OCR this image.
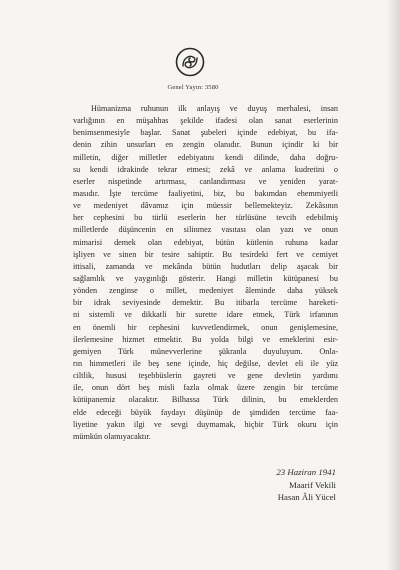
Genel Yayın: 3580
Hümanizma ruhunun ilk anlayış ve duyuş merhalesi, insan
varlığının en müşahhas şekilde ifadesi olan sanat eserlerinin
benimsenmesiyle başlar. Sanat şubeleri içinde edebiyat, bu ifa-
denin zihin unsurları en zengin olanıdır. Bunun içindir ki bir
milletin, diğer milletler edebiyatını kendi dilinde, daha doğru-
su kendi idrakinde tekrar etmesi; zekâ ve anlama kudretini o
eserler nispetinde artırması, canlandırması ve yeniden yarat-
masıdır. İşte tercüme faaliyetini, biz, bu bakımdan ehemmiyetli
ve medeniyet dâvamız için müessir bellemekteyiz. Zekâsının
her cephesini bu türlü eserlerin her türlüsüne tevcih edebilmiş
milletlerde düşüncenin en silinmez vasıtası olan yazı ve onun
mimarisi demek olan edebiyat, bütün kütlenin ruhuna kadar
işliyen ve sinen bir tesire sahiptir. Bu tesirdeki fert ve cemiyet
ittisali, zamanda ve mekânda bütün hudutları delip aşacak bir
sağlamlık ve yaygınlığı gösterir. Hangi milletin kütüpanesi bu
yönden zenginse o millet, medeniyet âleminde daha yüksek
bir idrak seviyesinde demektir. Bu itibarla tercüme hareketi-
ni sistemli ve dikkatli bir surette idare etmek, Türk irfanının
en önemli bir cephesini kuvvetlendirmek, onun genişlemesine,
ilerlemesine hizmet etmektir. Bu yolda bilgi ve emeklerini esir-
gemiyen Türk münevverlerine şükranla duyuluyum. Onla-
rın himmetleri ile beş sene içinde, hiç değilse, devlet eli ile yüz
ciltlik, hususi teşebbüslerin gayreti ve gene devletin yardımı
ile, onun dört beş misli fazla olmak üzere zengin bir tercüme
kütüpanemiz olacaktır. Bilhassa Türk dilinin, bu emeklerden
elde edeceği büyük faydayı düşünüp de şimdiden tercüme faa-
liyetine yakın ilgi ve sevgi duymamak, hiçbir Türk okuru için
mümkün olamıyacaktır.
23 Haziran 1941
Maarif Vekili
Hasan Âli Yücel
